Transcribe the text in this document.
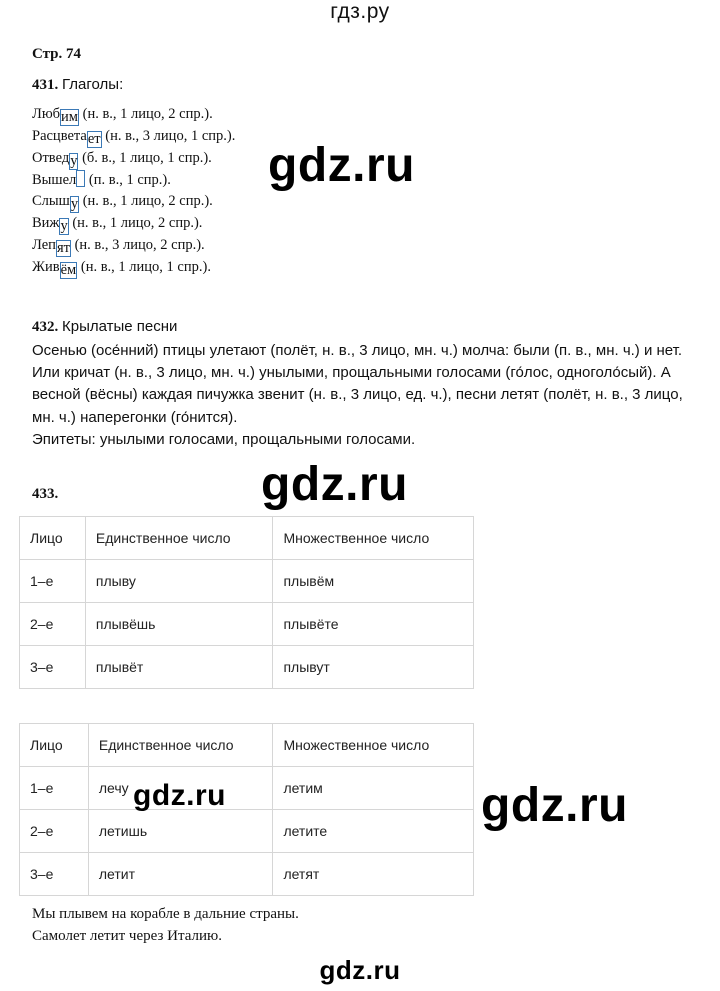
гдз.ру
Стр. 74
431. Глаголы:
Любим (н. в., 1 лицо, 2 спр.).
Расцветает (н. в., 3 лицо, 1 спр.).
Отведу (б. в., 1 лицо, 1 спр.).
Вышел (п. в., 1 спр.).
Слышу (н. в., 1 лицо, 2 спр.).
Вижу (н. в., 1 лицо, 2 спр.).
Лепят (н. в., 3 лицо, 2 спр.).
Живём (н. в., 1 лицо, 1 спр.).
gdz.ru
432. Крылатые песни
Осенью (осе́нний) птицы улетают (полёт, н. в., 3 лицо, мн. ч.) молча: были (п. в., мн. ч.) и нет. Или кричат (н. в., 3 лицо, мн. ч.) унылыми, прощальными голосами (го́лос, одноголо́сый). А весной (вёсны) каждая пичужка звенит (н. в., 3 лицо, ед. ч.), песни летят (полёт, н. в., 3 лицо, мн. ч.) наперегонки (го́нится).
Эпитеты: унылыми голосами, прощальными голосами.
gdz.ru
433.
Лицо	Единственное число	Множественное число
1–е	плыву	плывём
2–е	плывёшь	плывёте
3–е	плывёт	плывут
Лицо	Единственное число	Множественное число
1–е	лечу	летим
2–е	летишь	летите
3–е	летит	летят
gdz.ru	gdz.ru
Мы плывем на корабле в дальние страны.
Самолет летит через Италию.
gdz.ru
